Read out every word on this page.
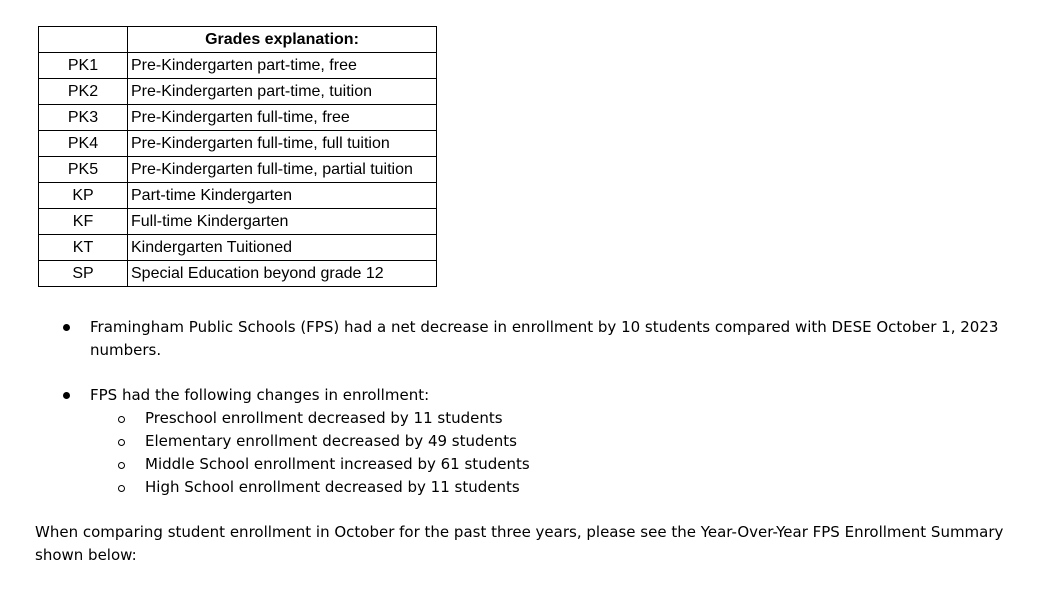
	Grades explanation:
PK1	Pre-Kindergarten part-time, free
PK2	Pre-Kindergarten part-time, tuition
PK3	Pre-Kindergarten full-time, free
PK4	Pre-Kindergarten full-time, full tuition
PK5	Pre-Kindergarten full-time, partial tuition
KP	Part-time Kindergarten
KF	Full-time Kindergarten
KT	Kindergarten Tuitioned
SP	Special Education beyond grade 12
Framingham Public Schools (FPS) had a net decrease in enrollment by 10 students compared with DESE October 1, 2023 numbers.
FPS had the following changes in enrollment:
Preschool enrollment decreased by 11 students
Elementary enrollment decreased by 49 students
Middle School enrollment increased by 61 students
High School enrollment decreased by 11 students

When comparing student enrollment in October for the past three years, please see the Year-Over-Year FPS Enrollment Summary shown below:
